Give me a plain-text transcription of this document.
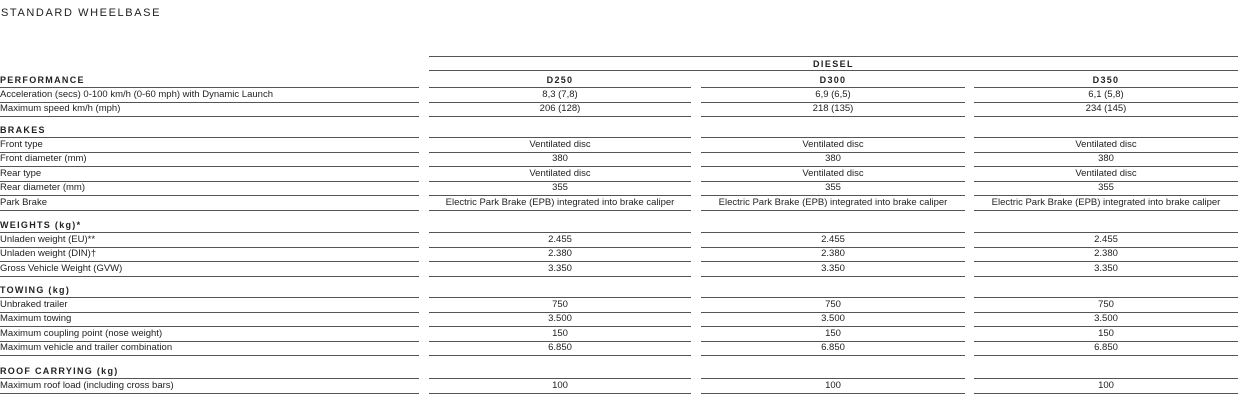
STANDARD WHEELBASE
DIESEL
PERFORMANCE	D250	D300	D350
Acceleration (secs) 0-100 km/h (0-60 mph) with Dynamic Launch	8,3 (7,8)	6,9 (6,5)	6,1 (5,8)
Maximum speed km/h (mph)	206 (128)	218 (135)	234 (145)
BRAKES
Front type	Ventilated disc	Ventilated disc	Ventilated disc
Front diameter (mm)	380	380	380
Rear type	Ventilated disc	Ventilated disc	Ventilated disc
Rear diameter (mm)	355	355	355
Park Brake	Electric Park Brake (EPB) integrated into brake caliper	Electric Park Brake (EPB) integrated into brake caliper	Electric Park Brake (EPB) integrated into brake caliper
WEIGHTS (kg)*
Unladen weight (EU)**	2.455	2.455	2.455
Unladen weight (DIN)†	2.380	2.380	2.380
Gross Vehicle Weight (GVW)	3.350	3.350	3.350
TOWING (kg)
Unbraked trailer	750	750	750
Maximum towing	3.500	3.500	3.500
Maximum coupling point (nose weight)	150	150	150
Maximum vehicle and trailer combination	6.850	6.850	6.850
ROOF CARRYING (kg)
Maximum roof load (including cross bars)	100	100	100
